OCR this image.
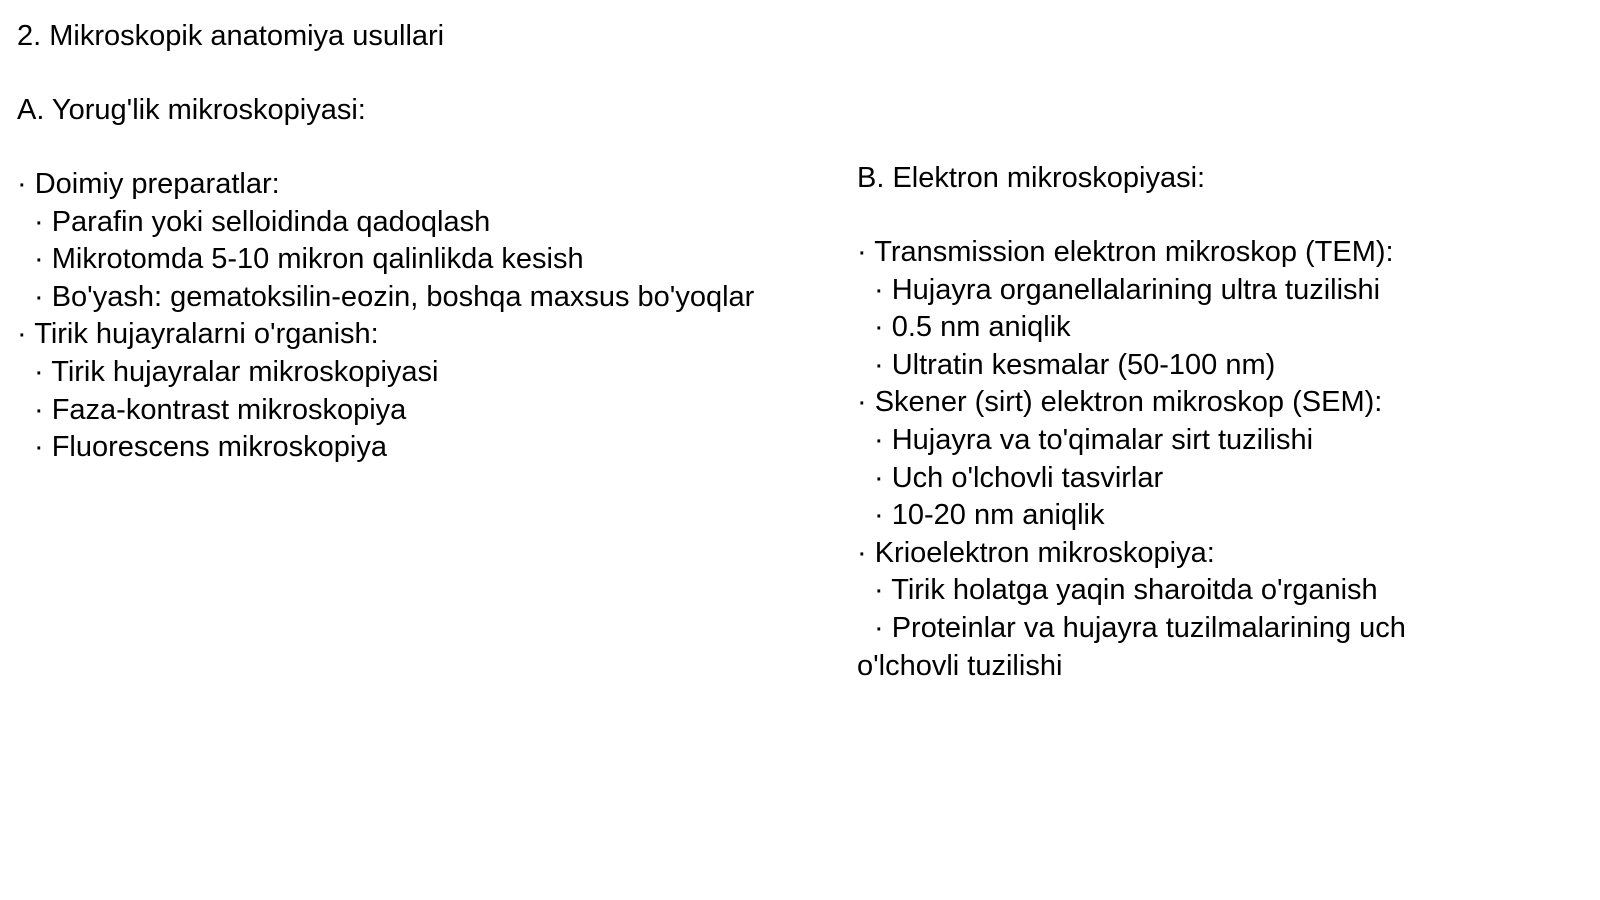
2. Mikroskopik anatomiya usullari
A. Yorug'lik mikroskopiyasi:
· Doimiy preparatlar:
· Parafin yoki selloidinda qadoqlash
· Mikrotomda 5-10 mikron qalinlikda kesish
· Bo'yash: gematoksilin-eozin, boshqa maxsus bo'yoqlar
· Tirik hujayralarni o'rganish:
· Tirik hujayralar mikroskopiyasi
· Faza-kontrast mikroskopiya
· Fluorescens mikroskopiya
B. Elektron mikroskopiyasi:
· Transmission elektron mikroskop (TEM):
· Hujayra organellalarining ultra tuzilishi
· 0.5 nm aniqlik
· Ultratin kesmalar (50-100 nm)
· Skener (sirt) elektron mikroskop (SEM):
· Hujayra va to'qimalar sirt tuzilishi
· Uch o'lchovli tasvirlar
· 10-20 nm aniqlik
· Krioelektron mikroskopiya:
· Tirik holatga yaqin sharoitda o'rganish
· Proteinlar va hujayra tuzilmalarining uch
o'lchovli tuzilishi
